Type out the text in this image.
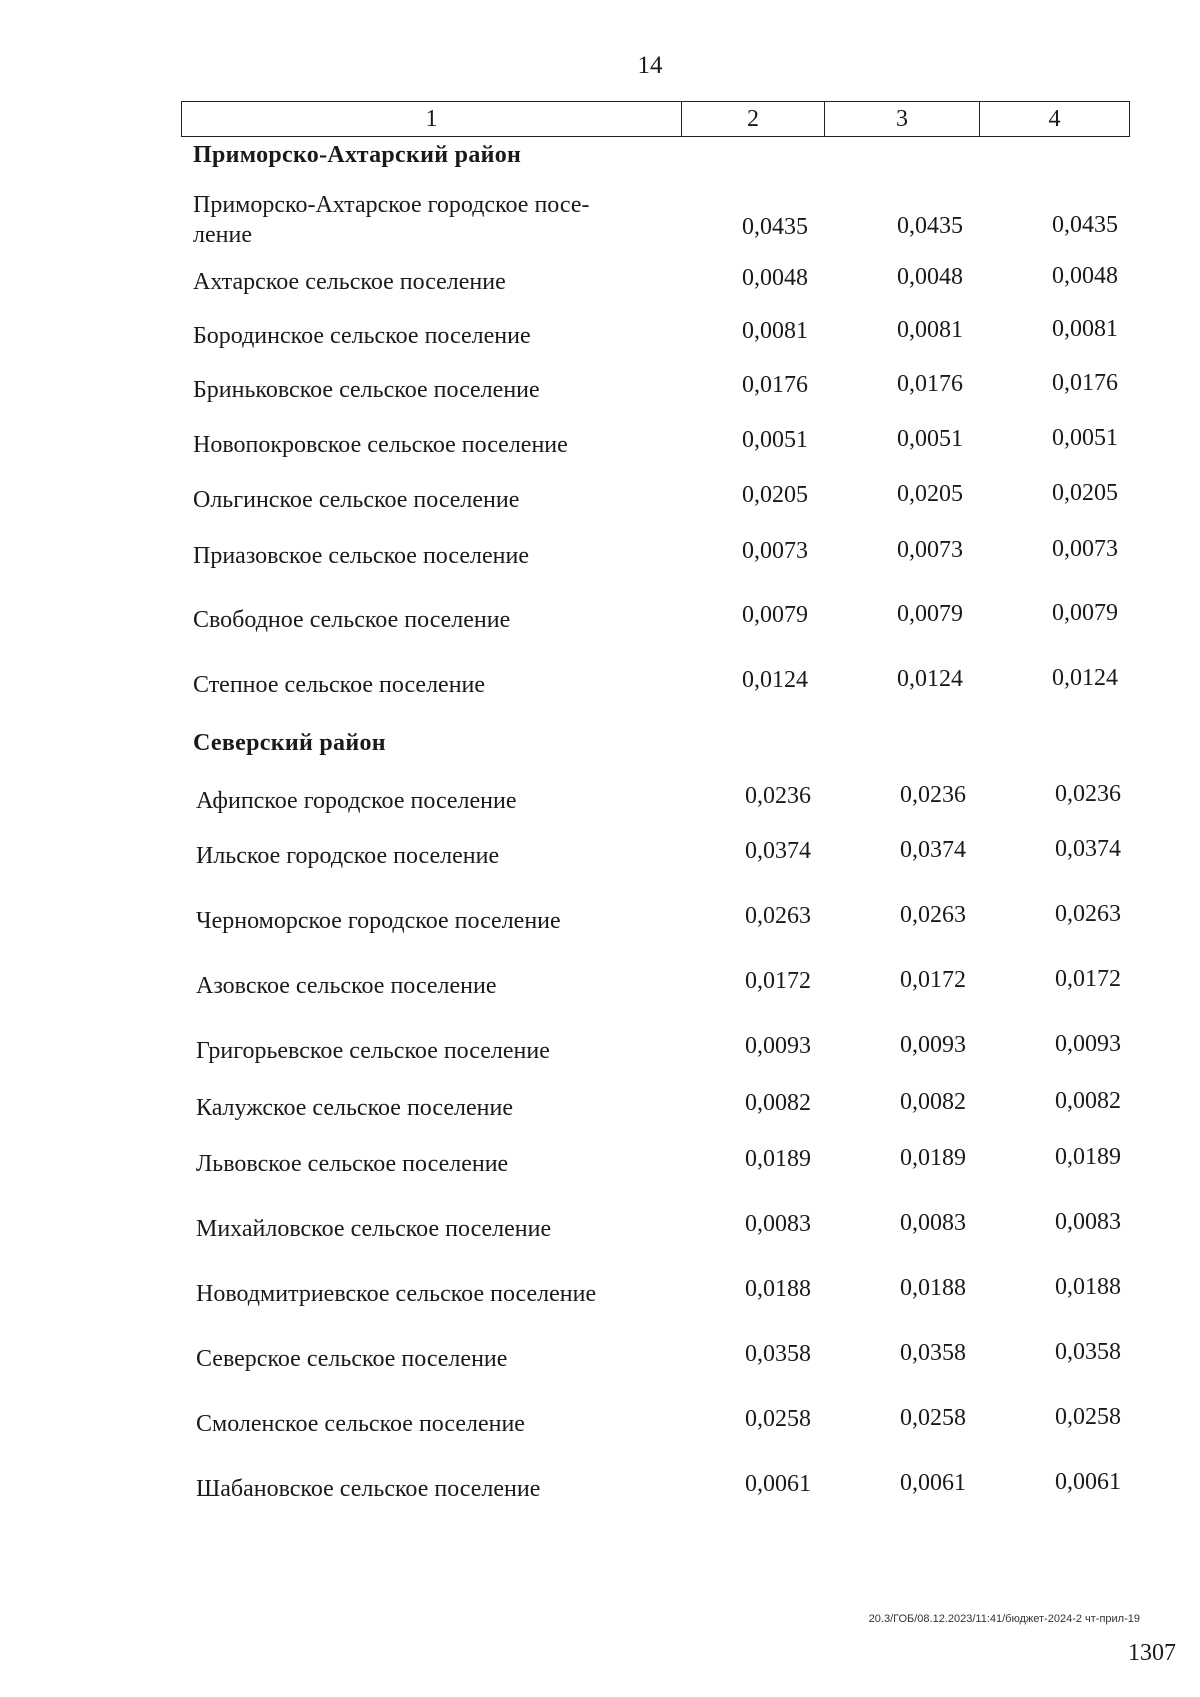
14
1	2	3	4
Приморско-Ахтарский район
Приморско-Ахтарское городское посе-
ление	0,0435	0,0435	0,0435
Ахтарское сельское поселение	0,0048	0,0048	0,0048
Бородинское сельское поселение	0,0081	0,0081	0,0081
Бриньковское сельское поселение	0,0176	0,0176	0,0176
Новопокровское сельское поселение	0,0051	0,0051	0,0051
Ольгинское сельское поселение	0,0205	0,0205	0,0205
Приазовское сельское поселение	0,0073	0,0073	0,0073
Свободное сельское поселение	0,0079	0,0079	0,0079
Степное сельское поселение	0,0124	0,0124	0,0124
Северский район
Афипское городское поселение	0,0236	0,0236	0,0236
Ильское городское поселение	0,0374	0,0374	0,0374
Черноморское городское поселение	0,0263	0,0263	0,0263
Азовское сельское поселение	0,0172	0,0172	0,0172
Григорьевское сельское поселение	0,0093	0,0093	0,0093
Калужское сельское поселение	0,0082	0,0082	0,0082
Львовское сельское поселение	0,0189	0,0189	0,0189
Михайловское сельское поселение	0,0083	0,0083	0,0083
Новодмитриевское сельское поселение	0,0188	0,0188	0,0188
Северское сельское поселение	0,0358	0,0358	0,0358
Смоленское сельское поселение	0,0258	0,0258	0,0258
Шабановское сельское поселение	0,0061	0,0061	0,0061
20.3/ГОБ/08.12.2023/11:41/бюджет-2024-2 чт-прил-19
1307
